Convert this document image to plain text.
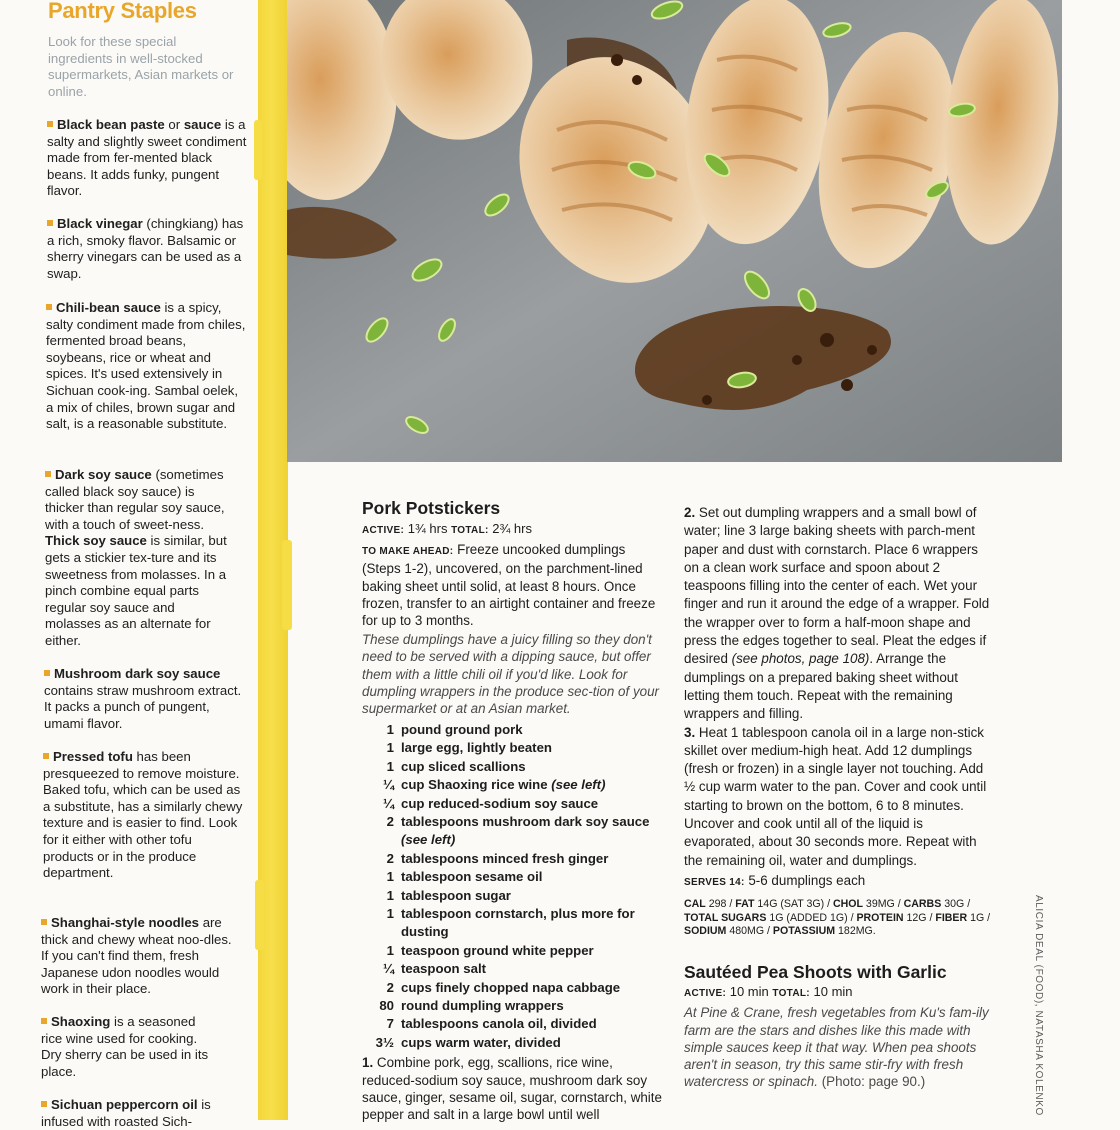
Pantry Staples
Look for these special ingredients in well-stocked supermarkets, Asian markets or online.
Black bean paste or sauce is a salty and slightly sweet condiment made from fer-mented black beans. It adds funky, pungent flavor.
Black vinegar (chingkiang) has a rich, smoky flavor. Balsamic or sherry vinegars can be used as a swap.
Chili-bean sauce is a spicy, salty condiment made from chiles, fermented broad beans, soybeans, rice or wheat and spices. It's used extensively in Sichuan cook-ing. Sambal oelek, a mix of chiles, brown sugar and salt, is a reasonable substitute.
Dark soy sauce (sometimes called black soy sauce) is thicker than regular soy sauce, with a touch of sweet-ness. Thick soy sauce is similar, but gets a stickier tex-ture and its sweetness from molasses. In a pinch combine equal parts regular soy sauce and molasses as an alternate for either.
Mushroom dark soy sauce contains straw mushroom extract. It packs a punch of pungent, umami flavor.
Pressed tofu has been presqueezed to remove moisture. Baked tofu, which can be used as a substitute, has a similarly chewy texture and is easier to find. Look for it either with other tofu products or in the produce department.
Shanghai-style noodles are thick and chewy wheat noo-dles. If you can't find them, fresh Japanese udon noodles would work in their place.
Shaoxing is a seasoned rice wine used for cooking. Dry sherry can be used in its place.
Sichuan peppercorn oil is infused with roasted Sich-
Pork Potstickers
ACTIVE: 1¾ hrs TOTAL: 2¾ hrs
TO MAKE AHEAD: Freeze uncooked dumplings (Steps 1-2), uncovered, on the parchment-lined baking sheet until solid, at least 8 hours. Once frozen, transfer to an airtight container and freeze for up to 3 months.
These dumplings have a juicy filling so they don't need to be served with a dipping sauce, but offer them with a little chili oil if you'd like. Look for dumpling wrappers in the produce sec-tion of your supermarket or at an Asian market.
1 pound ground pork
1 large egg, lightly beaten
1 cup sliced scallions
¼ cup Shaoxing rice wine (see left)
¼ cup reduced-sodium soy sauce
2 tablespoons mushroom dark soy sauce
(see left)
2 tablespoons minced fresh ginger
1 tablespoon sesame oil
1 tablespoon sugar
1 tablespoon cornstarch, plus more for
dusting
1 teaspoon ground white pepper
¼ teaspoon salt
2 cups finely chopped napa cabbage
80 round dumpling wrappers
7 tablespoons canola oil, divided
3½ cups warm water, divided
1. Combine pork, egg, scallions, rice wine, reduced-sodium soy sauce, mushroom dark soy sauce, ginger, sesame oil, sugar, cornstarch, white pepper and salt in a large bowl until well
2. Set out dumpling wrappers and a small bowl of water; line 3 large baking sheets with parch-ment paper and dust with cornstarch. Place 6 wrappers on a clean work surface and spoon about 2 teaspoons filling into the center of each. Wet your finger and run it around the edge of a wrapper. Fold the wrapper over to form a half-moon shape and press the edges together to seal. Pleat the edges if desired (see photos, page 108). Arrange the dumplings on a prepared baking sheet without letting them touch. Repeat with the remaining wrappers and filling.
3. Heat 1 tablespoon canola oil in a large non-stick skillet over medium-high heat. Add 12 dumplings (fresh or frozen) in a single layer not touching. Add ½ cup warm water to the pan. Cover and cook until starting to brown on the bottom, 6 to 8 minutes. Uncover and cook until all of the liquid is evaporated, about 30 seconds more. Repeat with the remaining oil, water and dumplings.
SERVES 14: 5-6 dumplings each
CAL 298 / FAT 14G (SAT 3G) / CHOL 39MG / CARBS 30G / TOTAL SUGARS 1G (ADDED 1G) / PROTEIN 12G / FIBER 1G / SODIUM 480MG / POTASSIUM 182MG.
Sautéed Pea Shoots with Garlic
ACTIVE: 10 min TOTAL: 10 min
At Pine & Crane, fresh vegetables from Ku's fam-ily farm are the stars and dishes like this made with simple sauces keep it that way. When pea shoots aren't in season, try this same stir-fry with fresh watercress or spinach. (Photo: page 90.)	ALICIA DEAL (FOOD), NATASHA KOLENKO
